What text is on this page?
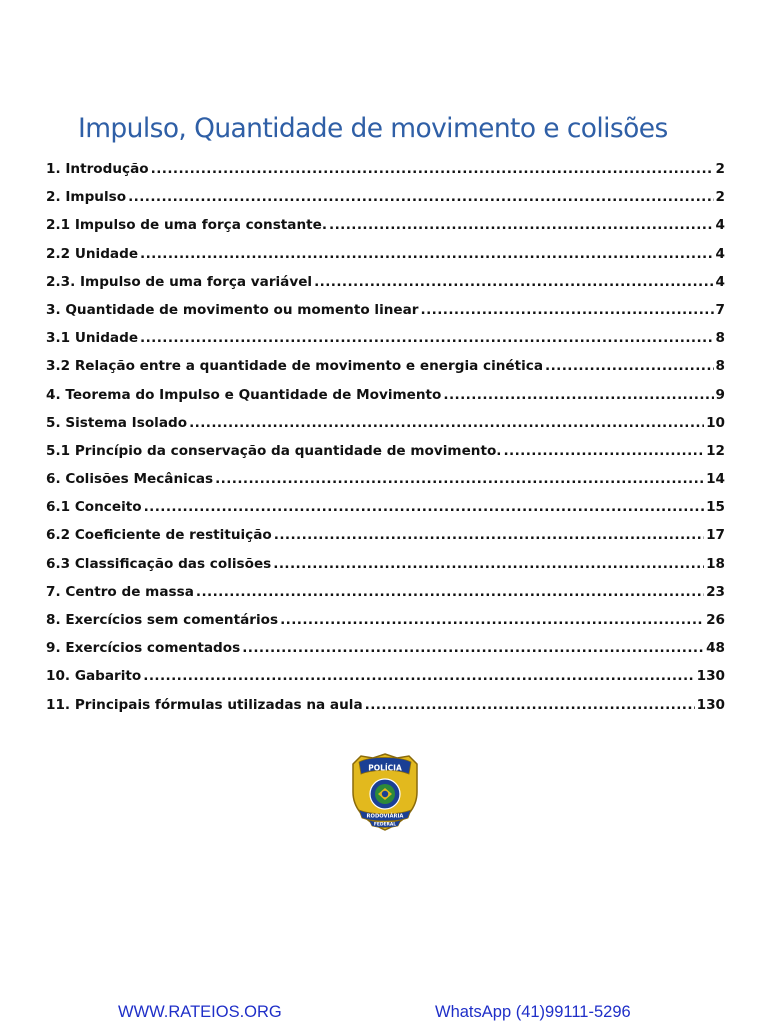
Impulso, Quantidade de movimento e colisões
1. Introdução .....	2
2. Impulso .....	2
2.1 Impulso de uma força constante. .....	4
2.2 Unidade .....	4
2.3. Impulso de uma força variável .....	4
3. Quantidade de movimento ou momento linear .....	7
3.1 Unidade .....	8
3.2 Relação entre a quantidade de movimento e energia cinética .....	8
4. Teorema do Impulso e Quantidade de Movimento .....	9
5. Sistema Isolado .....	10
5.1 Princípio da conservação da quantidade de movimento. .....	12
6. Colisões Mecânicas .....	14
6.1 Conceito .....	15
6.2 Coeficiente de restituição .....	17
6.3 Classificação das colisões .....	18
7. Centro de massa .....	23
8. Exercícios sem comentários .....	26
9. Exercícios comentados .....	48
10. Gabarito .....	130
11. Principais fórmulas utilizadas na aula .....	130
POLÍCIA
RODOVIÁRIA
FEDERAL
WWW.RATEIOS.ORG	WhatsApp (41)99111-5296
